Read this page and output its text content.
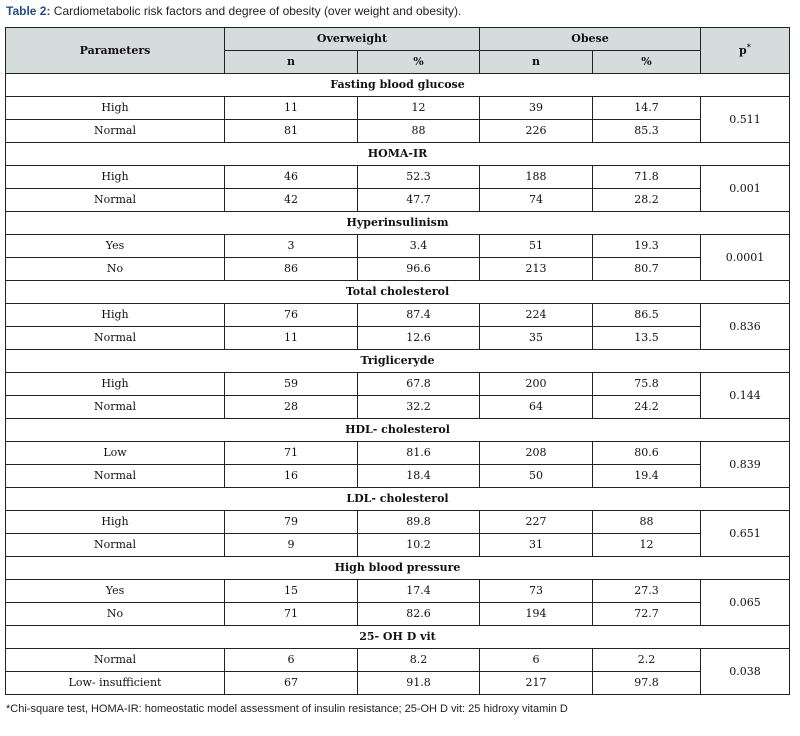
Table 2: Cardiometabolic risk factors and degree of obesity (over weight and obesity).
Parameters	Overweight		Obese		p*
	n	%	n	%	
Fasting blood glucose					
High	11	12	39	14.7	0.511
Normal	81	88	226	85.3	
HOMA-IR					
High	46	52.3	188	71.8	0.001
Normal	42	47.7	74	28.2	
Hyperinsulinism					
Yes	3	3.4	51	19.3	0.0001
No	86	96.6	213	80.7	
Total cholesterol					
High	76	87.4	224	86.5	0.836
Normal	11	12.6	35	13.5	
Trigliceryde					
High	59	67.8	200	75.8	0.144
Normal	28	32.2	64	24.2	
HDL- cholesterol					
Low	71	81.6	208	80.6	0.839
Normal	16	18.4	50	19.4	
LDL- cholesterol					
High	79	89.8	227	88	0.651
Normal	9	10.2	31	12	
High blood pressure					
Yes	15	17.4	73	27.3	0.065
No	71	82.6	194	72.7	
25- OH D vit					
Normal	6	8.2	6	2.2	0.038
Low- insufficient	67	91.8	217	97.8	
*Chi-square test, HOMA-IR: homeostatic model assessment of insulin resistance; 25-OH D vit: 25 hidroxy vitamin D
